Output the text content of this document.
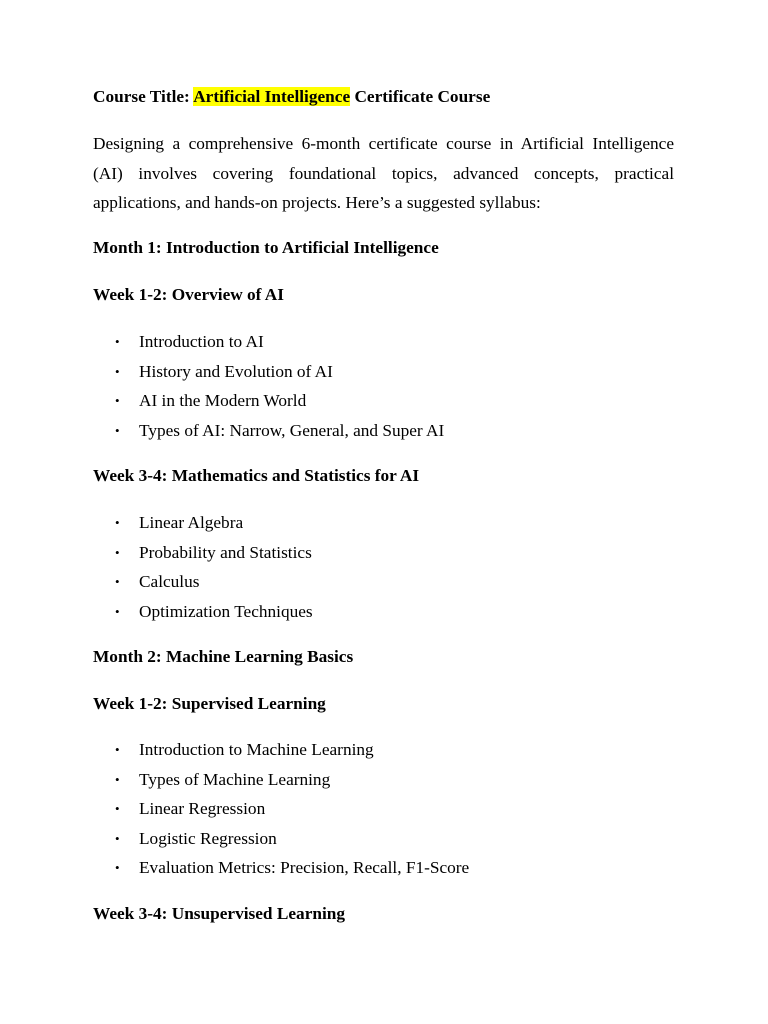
Course Title: Artificial Intelligence Certificate Course

Designing a comprehensive 6-month certificate course in Artificial Intelligence (AI) involves covering foundational topics, advanced concepts, practical applications, and hands-on projects. Here’s a suggested syllabus:

Month 1: Introduction to Artificial Intelligence

Week 1-2: Overview of AI

• Introduction to AI
• History and Evolution of AI
• AI in the Modern World
• Types of AI: Narrow, General, and Super AI

Week 3-4: Mathematics and Statistics for AI

• Linear Algebra
• Probability and Statistics
• Calculus
• Optimization Techniques

Month 2: Machine Learning Basics

Week 1-2: Supervised Learning

• Introduction to Machine Learning
• Types of Machine Learning
• Linear Regression
• Logistic Regression
• Evaluation Metrics: Precision, Recall, F1-Score

Week 3-4: Unsupervised Learning
